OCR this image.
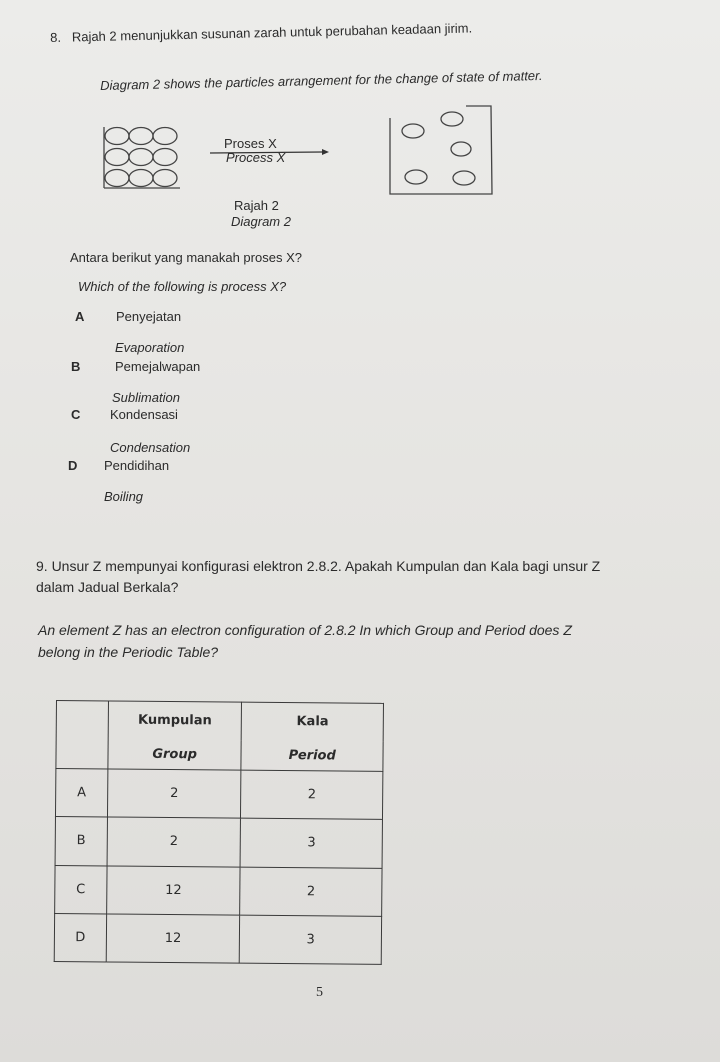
8. Rajah 2 menunjukkan susunan zarah untuk perubahan keadaan jirim.
Diagram 2 shows the particles arrangement for the change of state of matter.
Proses X
Process X
Rajah 2
Diagram 2
Antara berikut yang manakah proses X?
Which of the following is process X?
A Penyejatan
Evaporation
B	Pemejalwapan
Sublimation
C Kondensasi
Condensation
D Pendidihan
Boiling
9. Unsur Z mempunyai konfigurasi elektron 2.8.2. Apakah Kumpulan dan Kala bagi unsur Z
dalam Jadual Berkala?
An element Z has an electron configuration of 2.8.2 In which Group and Period does Z
belong in the Periodic Table?
	Kumpulan	Kala
	Group	Period
A	2	2
B	2	3
C	12	2
D	12	3
5
